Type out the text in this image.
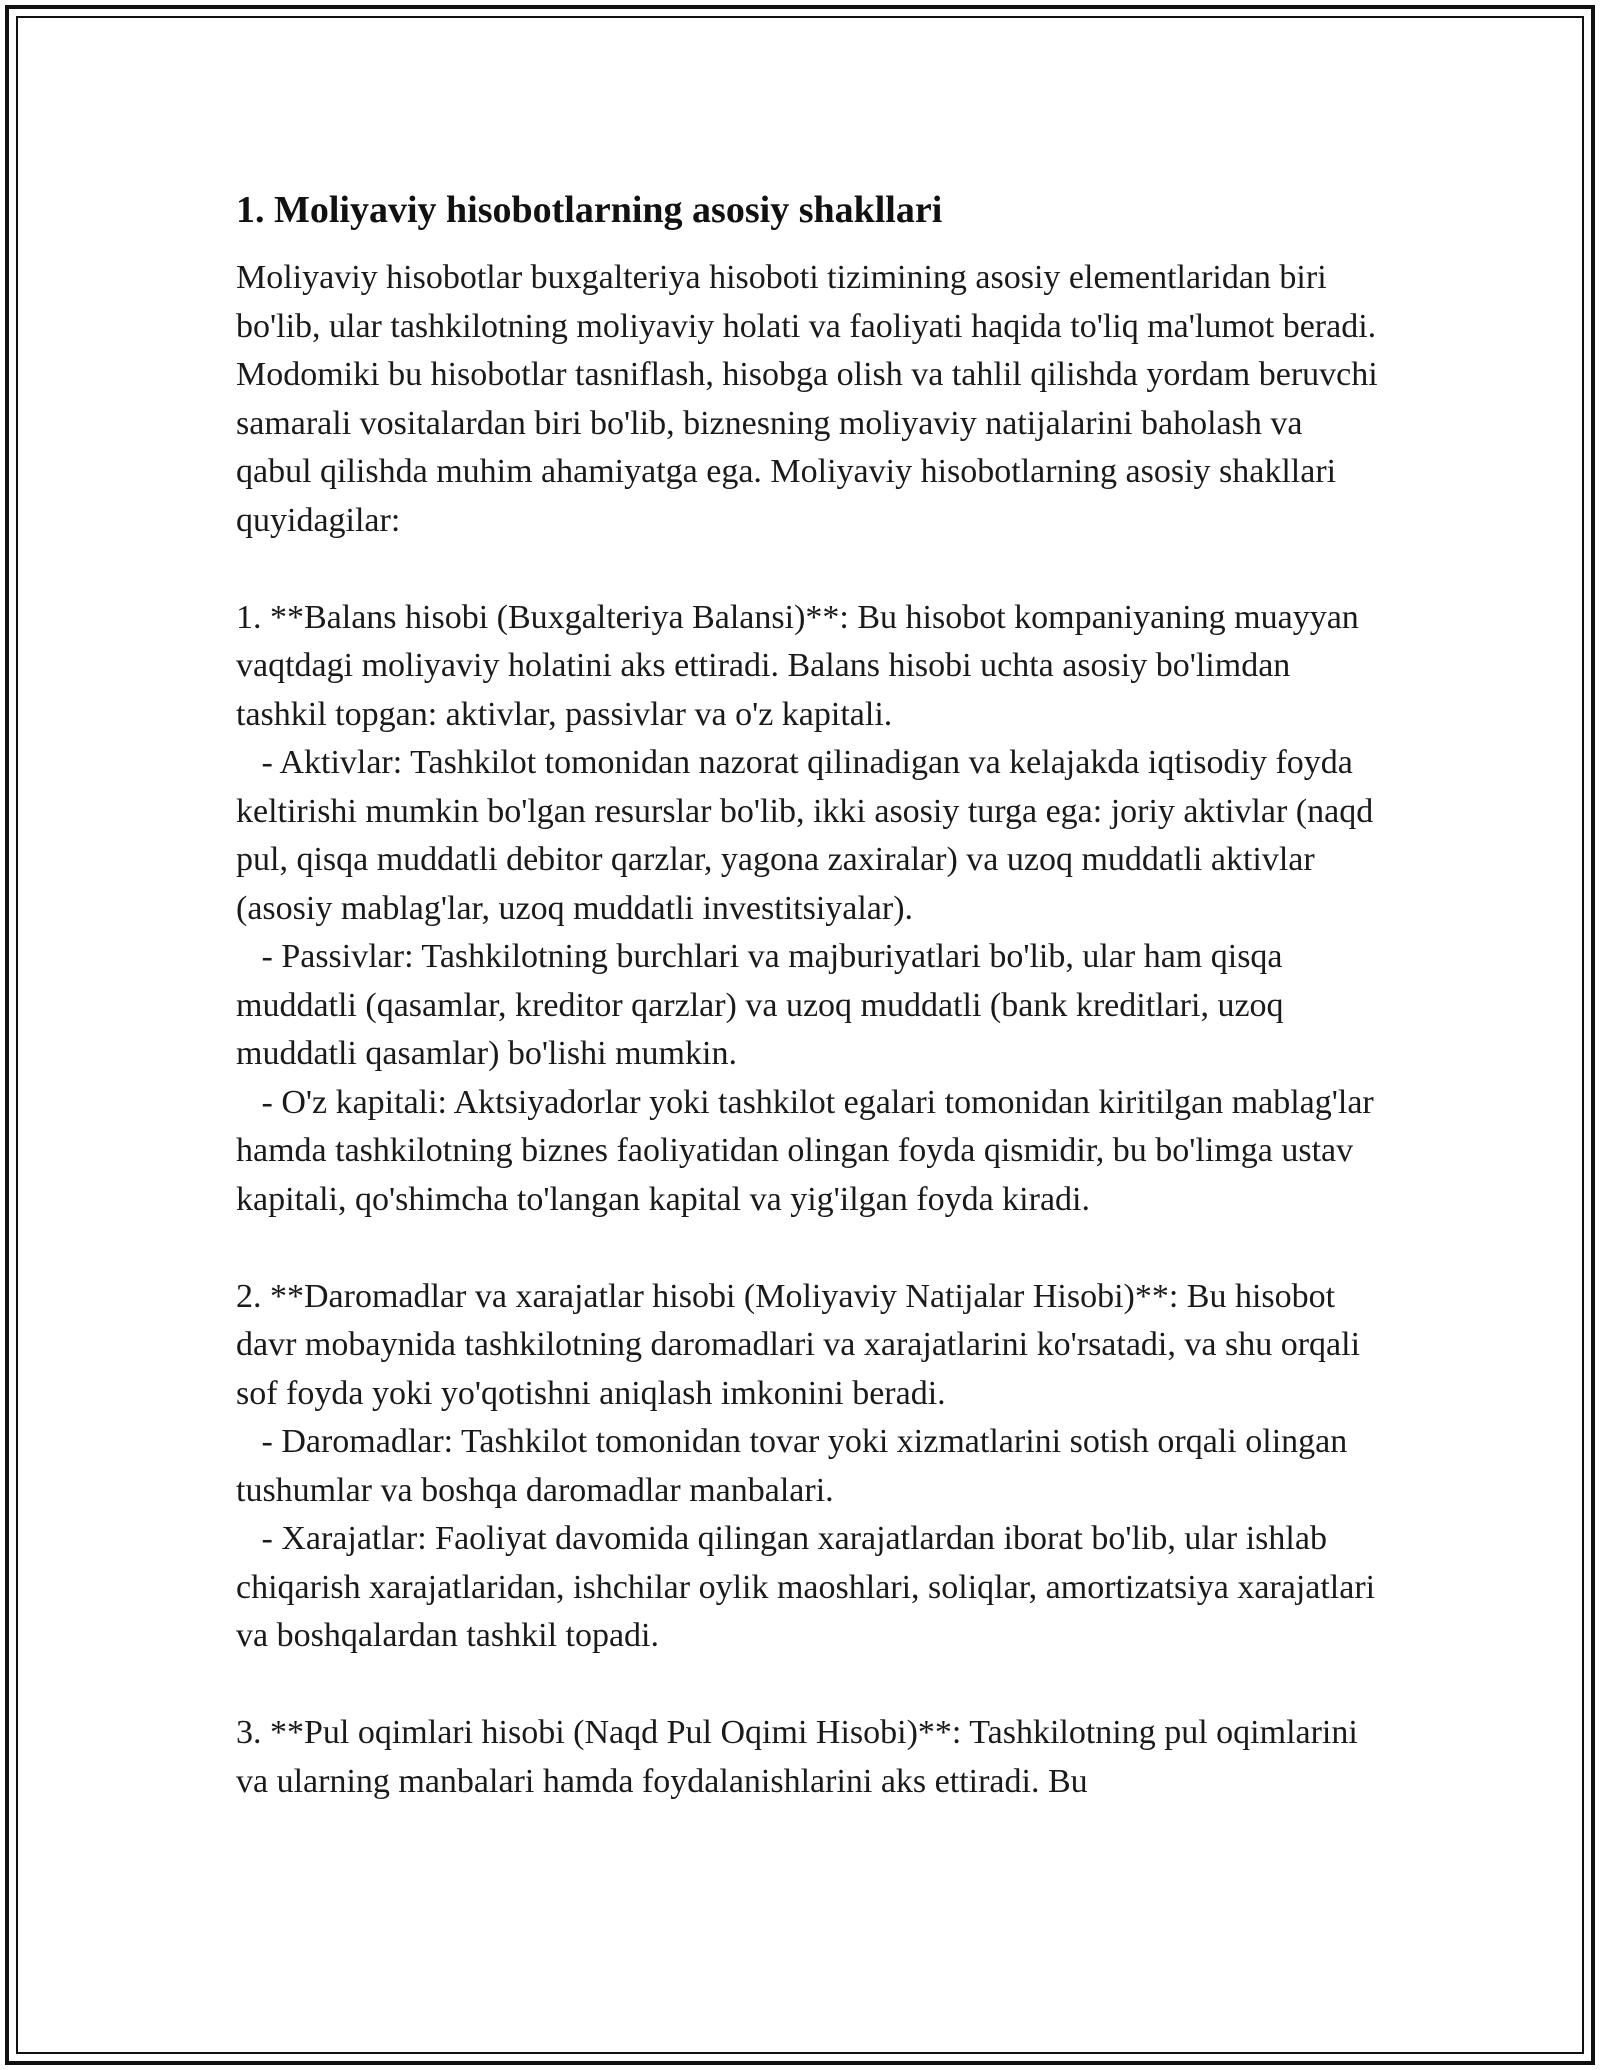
1. Moliyaviy hisobotlarning asosiy shakllari

Moliyaviy hisobotlar buxgalteriya hisoboti tizimining asosiy elementlaridan biri bo'lib, ular tashkilotning moliyaviy holati va faoliyati haqida to'liq ma'lumot beradi. Modomiki bu hisobotlar tasniflash, hisobga olish va tahlil qilishda yordam beruvchi samarali vositalardan biri bo'lib, biznesning moliyaviy natijalarini baholash va qabul qilishda muhim ahamiyatga ega. Moliyaviy hisobotlarning asosiy shakllari quyidagilar:

1. **Balans hisobi (Buxgalteriya Balansi)**: Bu hisobot kompaniyaning muayyan vaqtdagi moliyaviy holatini aks ettiradi. Balans hisobi uchta asosiy bo'limdan tashkil topgan: aktivlar, passivlar va o'z kapitali.

- Aktivlar: Tashkilot tomonidan nazorat qilinadigan va kelajakda iqtisodiy foyda keltirishi mumkin bo'lgan resurslar bo'lib, ikki asosiy turga ega: joriy aktivlar (naqd pul, qisqa muddatli debitor qarzlar, yagona zaxiralar) va uzoq muddatli aktivlar (asosiy mablag'lar, uzoq muddatli investitsiyalar).

- Passivlar: Tashkilotning burchlari va majburiyatlari bo'lib, ular ham qisqa muddatli (qasamlar, kreditor qarzlar) va uzoq muddatli (bank kreditlari, uzoq muddatli qasamlar) bo'lishi mumkin.

- O'z kapitali: Aktsiyadorlar yoki tashkilot egalari tomonidan kiritilgan mablag'lar hamda tashkilotning biznes faoliyatidan olingan foyda qismidir, bu bo'limga ustav kapitali, qo'shimcha to'langan kapital va yig'ilgan foyda kiradi.

2. **Daromadlar va xarajatlar hisobi (Moliyaviy Natijalar Hisobi)**: Bu hisobot davr mobaynida tashkilotning daromadlari va xarajatlarini ko'rsatadi, va shu orqali sof foyda yoki yo'qotishni aniqlash imkonini beradi.

- Daromadlar: Tashkilot tomonidan tovar yoki xizmatlarini sotish orqali olingan tushumlar va boshqa daromadlar manbalari.

- Xarajatlar: Faoliyat davomida qilingan xarajatlardan iborat bo'lib, ular ishlab chiqarish xarajatlaridan, ishchilar oylik maoshlari, soliqlar, amortizatsiya xarajatlari va boshqalardan tashkil topadi.

3. **Pul oqimlari hisobi (Naqd Pul Oqimi Hisobi)**: Tashkilotning pul oqimlarini va ularning manbalari hamda foydalanishlarini aks ettiradi. Bu
